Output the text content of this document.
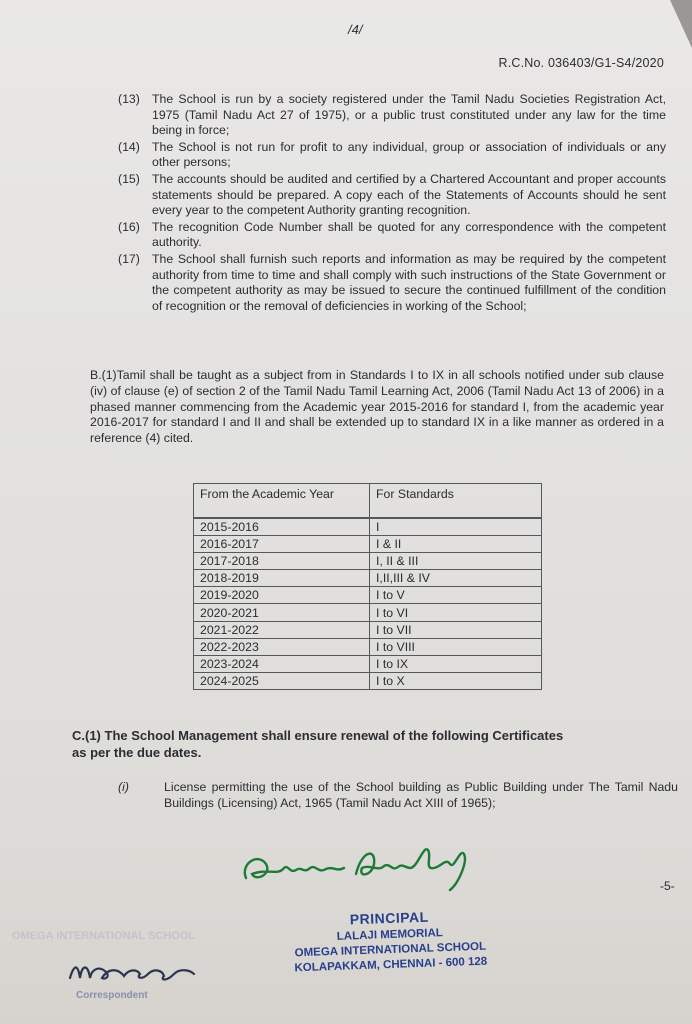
/4/
R.C.No. 036403/G1-S4/2020
(13) The School is run by a society registered under the Tamil Nadu Societies Registration Act, 1975 (Tamil Nadu Act 27 of 1975), or a public trust constituted under any law for the time being in force;
(14) The School is not run for profit to any individual, group or association of individuals or any other persons;
(15) The accounts should be audited and certified by a Chartered Accountant and proper accounts statements should be prepared. A copy each of the Statements of Accounts should he sent every year to the competent Authority granting recognition.
(16) The recognition Code Number shall be quoted for any correspondence with the competent authority.
(17) The School shall furnish such reports and information as may be required by the competent authority from time to time and shall comply with such instructions of the State Government or the competent authority as may be issued to secure the continued fulfillment of the condition of recognition or the removal of deficiencies in working of the School;
B.(1)Tamil shall be taught as a subject from in Standards I to IX in all schools notified under sub clause (iv) of clause (e) of section 2 of the Tamil Nadu Tamil Learning Act, 2006 (Tamil Nadu Act 13 of 2006) in a phased manner commencing from the Academic year 2015-2016 for standard I, from the academic year 2016-2017 for standard I and II and shall be extended up to standard IX in a like manner as ordered in a reference (4) cited.
From the Academic Year	For Standards
2015-2016	I
2016-2017	I & II
2017-2018	I, II & III
2018-2019	I,II,III & IV
2019-2020	I to V
2020-2021	I to VI
2021-2022	I to VII
2022-2023	I to VIII
2023-2024	I to IX
2024-2025	I to X
C.(1) The School Management shall ensure renewal of the following Certificates as per the due dates.
(i)	License permitting the use of the School building as Public Building under The Tamil Nadu Buildings (Licensing) Act, 1965 (Tamil Nadu Act XIII of 1965);
-5-
OMEGA INTERNATIONAL SCHOOL
PRINCIPAL
LALAJI MEMORIAL
OMEGA INTERNATIONAL SCHOOL
KOLAPAKKAM, CHENNAI - 600 128
Correspondent
